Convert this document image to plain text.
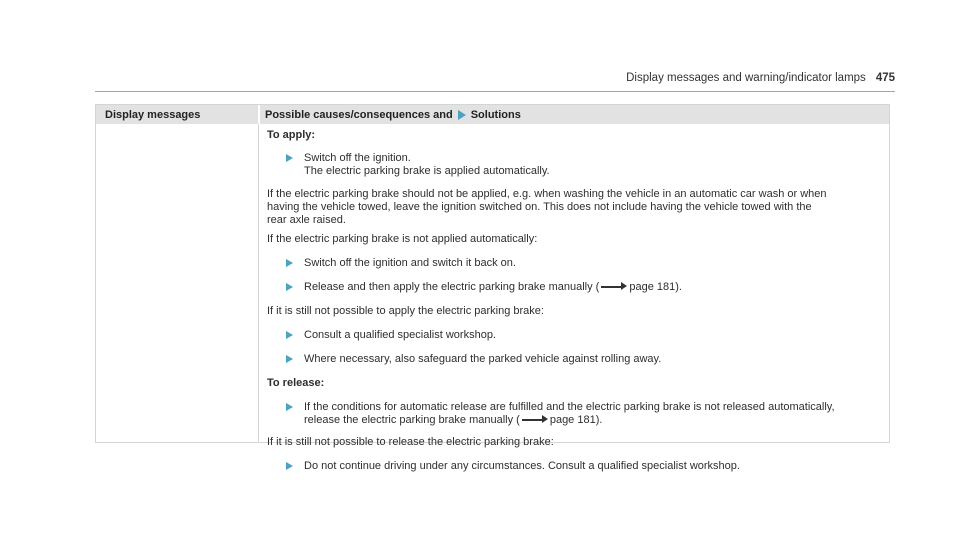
Display messages and warning/indicator lamps 475
Display messages	Possible causes/consequences and Solutions
To apply:
Switch off the ignition.
The electric parking brake is applied automatically.
If the electric parking brake should not be applied, e.g. when washing the vehicle in an automatic car wash or when
having the vehicle towed, leave the ignition switched on. This does not include having the vehicle towed with the
rear axle raised.
If the electric parking brake is not applied automatically:
Switch off the ignition and switch it back on.
Release and then apply the electric parking brake manually (	page 181).
If it is still not possible to apply the electric parking brake:
Consult a qualified specialist workshop.
Where necessary, also safeguard the parked vehicle against rolling away.
To release:
If the conditions for automatic release are fulfilled and the electric parking brake is not released automatically,
release the electric parking brake manually (	page 181).
If it is still not possible to release the electric parking brake:
Do not continue driving under any circumstances. Consult a qualified specialist workshop.
